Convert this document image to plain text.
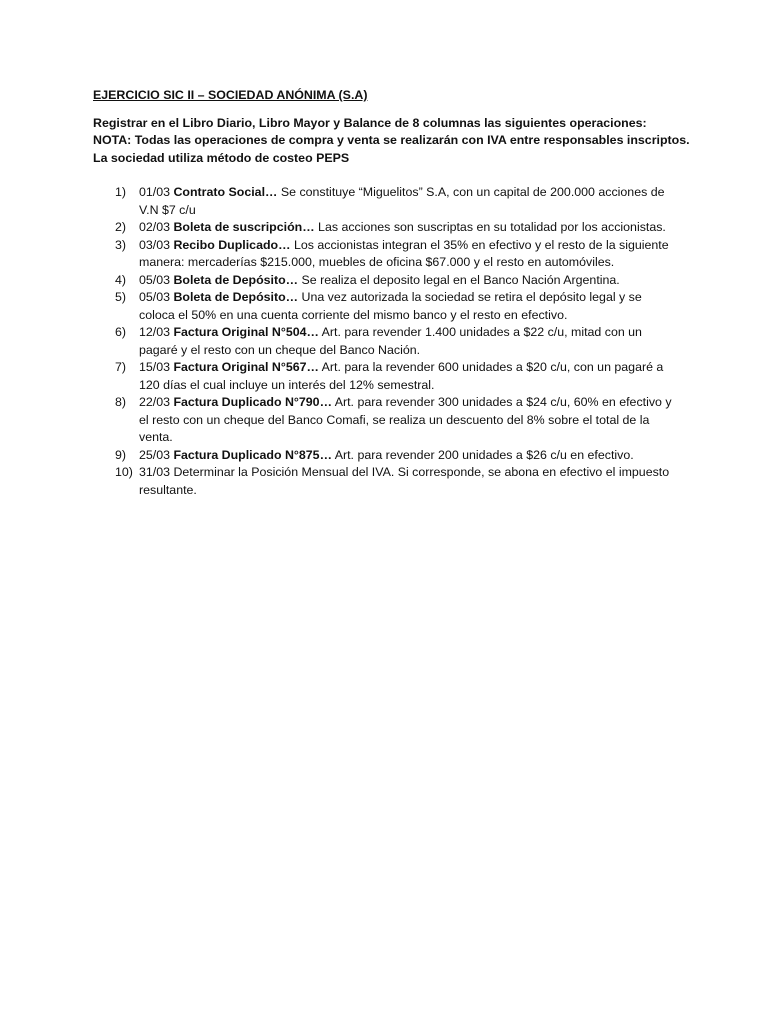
EJERCICIO SIC II – SOCIEDAD ANÓNIMA (S.A)

Registrar en el Libro Diario, Libro Mayor y Balance de 8 columnas las siguientes operaciones:

NOTA: Todas las operaciones de compra y venta se realizarán con IVA entre responsables inscriptos.

La sociedad utiliza método de costeo PEPS

1)	01/03 Contrato Social… Se constituye “Miguelitos” S.A, con un capital de 200.000 acciones de V.N $7 c/u
2)	02/03 Boleta de suscripción… Las acciones son suscriptas en su totalidad por los accionistas.
3)	03/03 Recibo Duplicado… Los accionistas integran el 35% en efectivo y el resto de la siguiente manera: mercaderías $215.000, muebles de oficina $67.000 y el resto en automóviles.
4)	05/03 Boleta de Depósito… Se realiza el deposito legal en el Banco Nación Argentina.
5)	05/03 Boleta de Depósito… Una vez autorizada la sociedad se retira el depósito legal y se coloca el 50% en una cuenta corriente del mismo banco y el resto en efectivo.
6)	12/03 Factura Original N°504… Art. para revender 1.400 unidades a $22 c/u, mitad con un pagaré y el resto con un cheque del Banco Nación.
7)	15/03 Factura Original N°567… Art. para la revender 600 unidades a $20 c/u, con un pagaré a 120 días el cual incluye un interés del 12% semestral.
8)	22/03 Factura Duplicado N°790… Art. para revender 300 unidades a $24 c/u, 60% en efectivo y el resto con un cheque del Banco Comafi, se realiza un descuento del 8% sobre el total de la venta.
9)	25/03 Factura Duplicado N°875… Art. para revender 200 unidades a $26 c/u en efectivo.
10) 31/03 Determinar la Posición Mensual del IVA. Si corresponde, se abona en efectivo el impuesto resultante.
